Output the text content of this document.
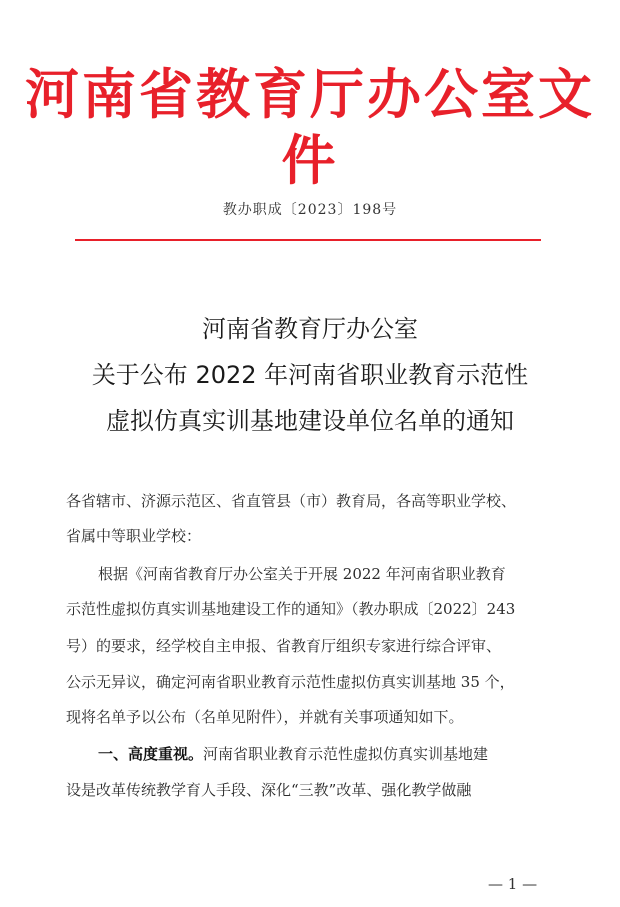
河南省教育厅办公室文件
教办职成〔2023〕198号
河南省教育厅办公室
关于公布 2022 年河南省职业教育示范性
虚拟仿真实训基地建设单位名单的通知
各省辖市、济源示范区、省直管县（市）教育局，各高等职业学校、
省属中等职业学校：
根据《河南省教育厅办公室关于开展 2022 年河南省职业教育
示范性虚拟仿真实训基地建设工作的通知》（教办职成〔2022〕243
号）的要求，经学校自主申报、省教育厅组织专家进行综合评审、
公示无异议，确定河南省职业教育示范性虚拟仿真实训基地 35 个，
现将名单予以公布（名单见附件），并就有关事项通知如下。
一、高度重视。河南省职业教育示范性虚拟仿真实训基地建
设是改革传统教学育人手段、深化“三教”改革、强化教学做融
— 1 —
